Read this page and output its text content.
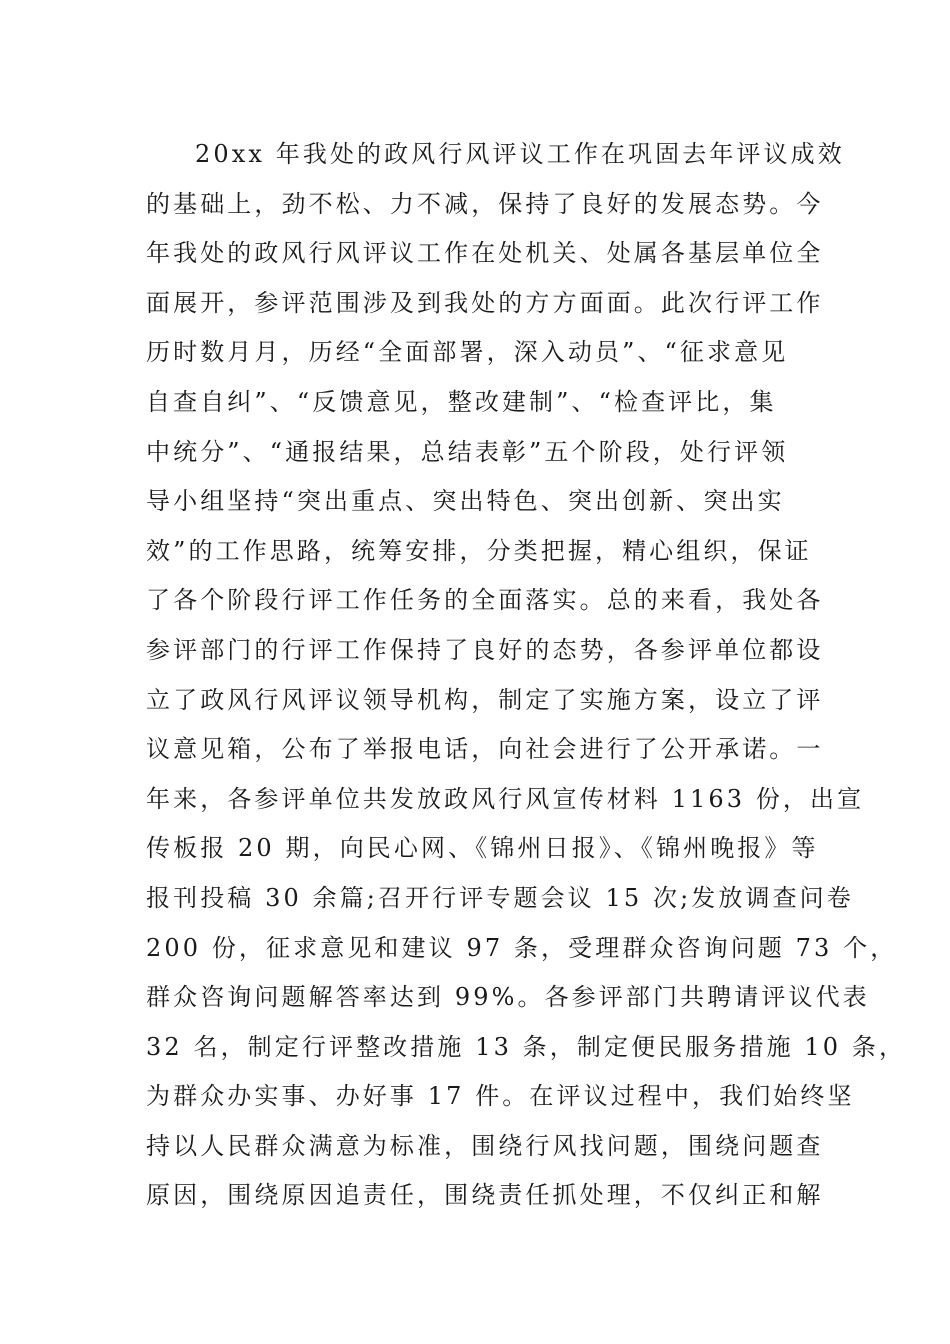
20xx 年我处的政风行风评议工作在巩固去年评议成效
的基础上，劲不松、力不减，保持了良好的发展态势。今
年我处的政风行风评议工作在处机关、处属各基层单位全
面展开，参评范围涉及到我处的方方面面。此次行评工作
历时数月月，历经“全面部署，深入动员”、“征求意见
自查自纠”、“反馈意见，整改建制”、“检查评比，集
中统分”、“通报结果，总结表彰”五个阶段，处行评领
导小组坚持“突出重点、突出特色、突出创新、突出实
效”的工作思路，统筹安排，分类把握，精心组织，保证
了各个阶段行评工作任务的全面落实。总的来看，我处各
参评部门的行评工作保持了良好的态势，各参评单位都设
立了政风行风评议领导机构，制定了实施方案，设立了评
议意见箱，公布了举报电话，向社会进行了公开承诺。一
年来，各参评单位共发放政风行风宣传材料 1163 份，出宣
传板报 20 期，向民心网、《锦州日报》、《锦州晚报》等
报刊投稿 30 余篇;召开行评专题会议 15 次;发放调查问卷
200 份，征求意见和建议 97 条，受理群众咨询问题 73 个，
群众咨询问题解答率达到 99%。各参评部门共聘请评议代表
32 名，制定行评整改措施 13 条，制定便民服务措施 10 条，
为群众办实事、办好事 17 件。在评议过程中，我们始终坚
持以人民群众满意为标准，围绕行风找问题，围绕问题查
原因，围绕原因追责任，围绕责任抓处理，不仅纠正和解
